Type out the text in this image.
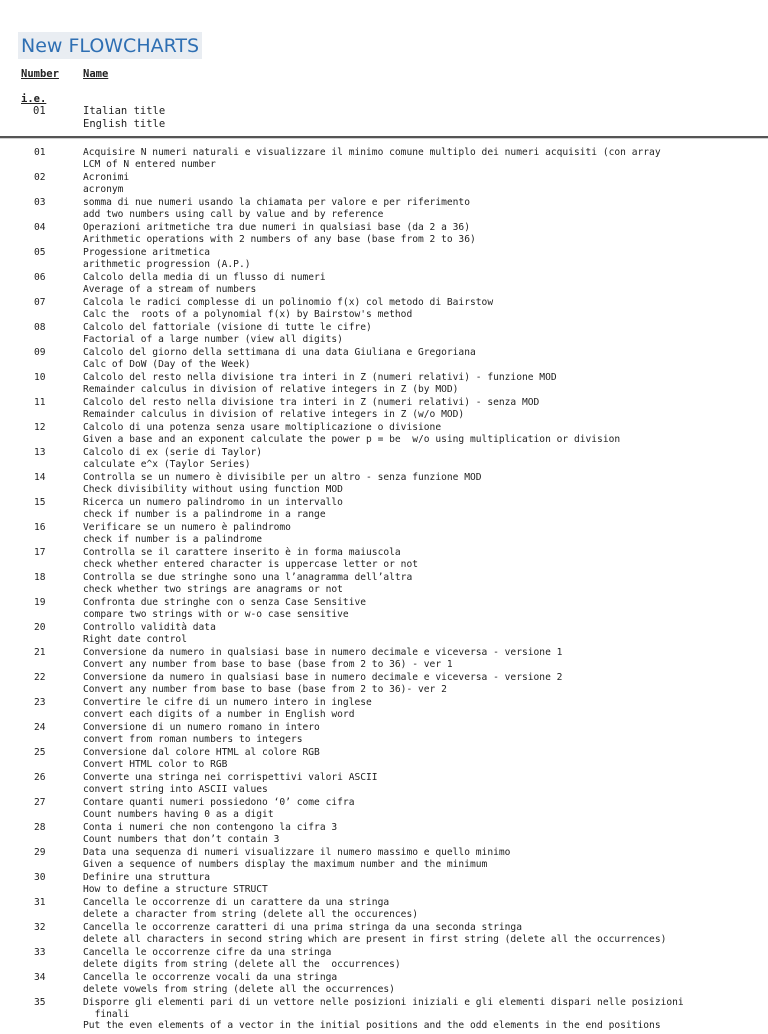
New FLOWCHARTS
Number Name
i.e.
01	Italian title
English title
01	Acquisire N numeri naturali e visualizzare il minimo comune multiplo dei numeri acquisiti (con array
LCM of N entered number
02	Acronimi
acronym
03	somma di nue numeri usando la chiamata per valore e per riferimento
add two numbers using call by value and by reference
04	Operazioni aritmetiche tra due numeri in qualsiasi base (da 2 a 36)
Arithmetic operations with 2 numbers of any base (base from 2 to 36)
05	Progessione aritmetica
arithmetic progression (A.P.)
06	Calcolo della media di un flusso di numeri
Average of a stream of numbers
07	Calcola le radici complesse di un polinomio f(x) col metodo di Bairstow
Calc the  roots of a polynomial f(x) by Bairstow's method
08	Calcolo del fattoriale (visione di tutte le cifre)
Factorial of a large number (view all digits)
09	Calcolo del giorno della settimana di una data Giuliana e Gregoriana
Calc of DoW (Day of the Week)
10	Calcolo del resto nella divisione tra interi in Z (numeri relativi) - funzione MOD
Remainder calculus in division of relative integers in Z (by MOD)
11	Calcolo del resto nella divisione tra interi in Z (numeri relativi) - senza MOD
Remainder calculus in division of relative integers in Z (w/o MOD)
12	Calcolo di una potenza senza usare moltiplicazione o divisione
Given a base and an exponent calculate the power p = be  w/o using multiplication or division
13	Calcolo di ex (serie di Taylor)
calculate e^x (Taylor Series)
14	Controlla se un numero è divisibile per un altro - senza funzione MOD
Check divisibility without using function MOD
15	Ricerca un numero palindromo in un intervallo
check if number is a palindrome in a range
16	Verificare se un numero è palindromo
check if number is a palindrome
17	Controlla se il carattere inserito è in forma maiuscola
check whether entered character is uppercase letter or not
18	Controlla se due stringhe sono una l’anagramma dell’altra
check whether two strings are anagrams or not
19	Confronta due stringhe con o senza Case Sensitive
compare two strings with or w-o case sensitive
20	Controllo validità data
Right date control
21	Conversione da numero in qualsiasi base in numero decimale e viceversa - versione 1
Convert any number from base to base (base from 2 to 36) - ver 1
22	Conversione da numero in qualsiasi base in numero decimale e viceversa - versione 2
Convert any number from base to base (base from 2 to 36)- ver 2
23	Convertire le cifre di un numero intero in inglese
convert each digits of a number in English word
24	Conversione di un numero romano in intero
convert from roman numbers to integers
25	Conversione dal colore HTML al colore RGB
Convert HTML color to RGB
26	Converte una stringa nei corrispettivi valori ASCII
convert string into ASCII values
27	Contare quanti numeri possiedono ‘0’ come cifra
Count numbers having 0 as a digit
28	Conta i numeri che non contengono la cifra 3
Count numbers that don’t contain 3
29	Data una sequenza di numeri visualizzare il numero massimo e quello minimo
Given a sequence of numbers display the maximum number and the minimum
30	Definire una struttura
How to define a structure STRUCT
31	Cancella le occorrenze di un carattere da una stringa
delete a character from string (delete all the occurences)
32	Cancella le occorrenze caratteri di una prima stringa da una seconda stringa
delete all characters in second string which are present in first string (delete all the occurrences)
33	Cancella le occorrenze cifre da una stringa
delete digits from string (delete all the  occurrences)
34	Cancella le occorrenze vocali da una stringa
delete vowels from string (delete all the occurrences)
35	Disporre gli elementi pari di un vettore nelle posizioni iniziali e gli elementi dispari nelle posizioni
finali
Put the even elements of a vector in the initial positions and the odd elements in the end positions
